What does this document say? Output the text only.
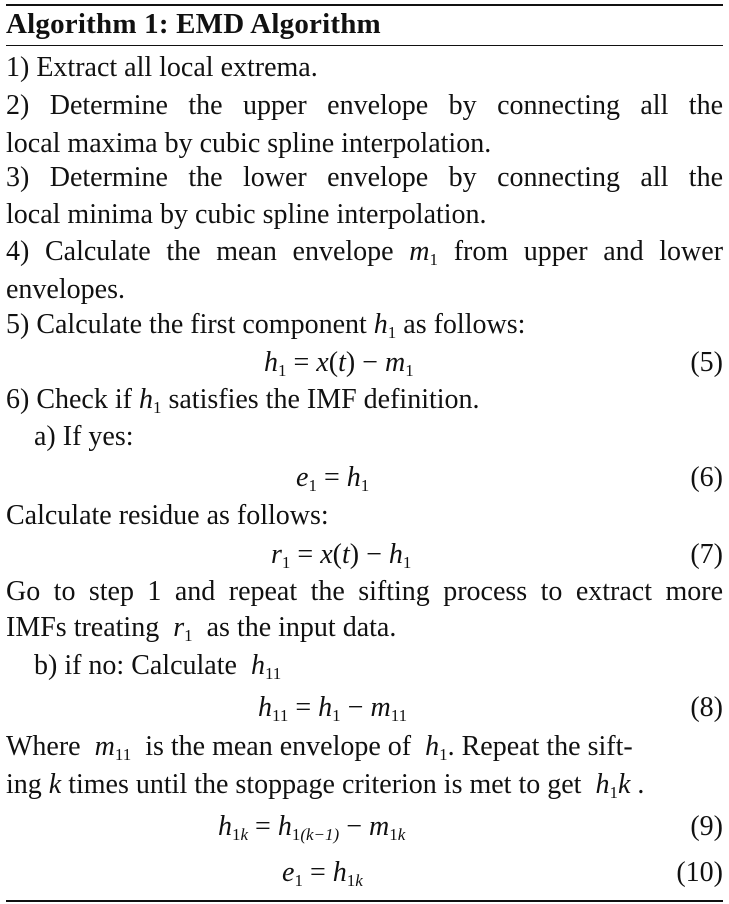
Algorithm 1: EMD Algorithm
1) Extract all local extrema.
2) Determine the upper envelope by connecting all the
local maxima by cubic spline interpolation.
3) Determine the lower envelope by connecting all the
local minima by cubic spline interpolation.
4) Calculate the mean envelope $m_1$ from upper and lower
envelopes.
5) Calculate the first component $h_1$ as follows:
$h_1 = x(t) - m_1$	(5)
6) Check if $h_1$ satisfies the IMF definition.
a) If yes:
$e_1 = h_1$	(6)
Calculate residue as follows:
$r_1 = x(t) - h_1$	(7)
Go to step 1 and repeat the sifting process to extract more
IMFs treating $r_1$ as the input data.
b) if no: Calculate $h_{11}$
$h_{11} = h_1 - m_{11}$	(8)
Where $m_{11}$ is the mean envelope of $h_1$. Repeat the sift-
ing k times until the stoppage criterion is met to get $h_1k$ .
$h_{1k} = h_{1(k-1)} - m_{1k}$	(9)
$e_1 = h_{1k}$	(10)
